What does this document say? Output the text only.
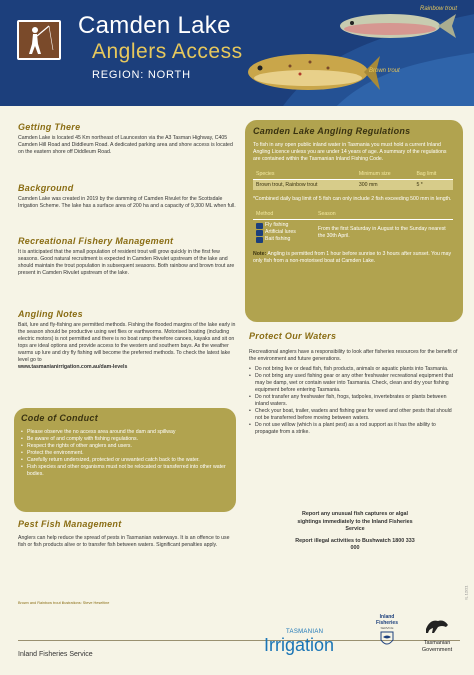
Camden Lake
Anglers Access
REGION: NORTH
Rainbow trout
Brown trout
Getting There

Camden Lake is located 45 Km northeast of Launceston via the A3 Tasman Highway, C405 Camden Hill Road and Diddleum Road. A dedicated parking area and shore access is located on the eastern shore off Diddleum Road.

Background

Camden Lake was created in 2019 by the damming of Camden Rivulet for the Scottsdale Irrigation Scheme. The lake has a surface area of 200 ha and a capacity of 9,300 ML when full.

Recreational Fishery Management

It is anticipated that the small population of resident trout will grow quickly in the first few seasons. Good natural recruitment is expected in Camden Rivulet upstream of the lake and should maintain the trout population in subsequent seasons. Both rainbow and brown trout are present in Camden Rivulet upstream of the lake.

Angling Notes

Bait, lure and fly-fishing are permitted methods. Fishing the flooded margins of the lake early in the season should be productive using wet flies or earthworms. Motorised boating (including electric motors) is not permitted and there is no boat ramp therefore canoes, kayaks and sit on tops are ideal options and provide access to the western and southern bays. As the weather warms up lure and dry fly fishing will become the preferred methods. To check the latest lake level go to

www.tasmanianirrigation.com.au/dam-levels

Code of Conduct
• Please observe the no access area around the dam and spillway
• Be aware of and comply with fishing regulations.
• Respect the rights of other anglers and users.
• Protect the environment.
• Carefully return undersized, protected or unwanted catch back to the water.
• Fish species and other organisms must not be relocated or transferred into other water bodies.
Pest Fish Management

Anglers can help reduce the spread of pests in Tasmanian waterways. It is an offence to use fish or fish products alive or to transfer fish between waters. Significant penalties apply.

Camden Lake Angling Regulations

To fish in any open public inland water in Tasmania you must hold a current Inland Angling Licence unless you are under 14 years of age. A summary of the regulations are contained within the Tasmanian Inland Fishing Code.

Species	Minimum size	Bag limit
Brown trout, Rainbow trout	300 mm	5 *

*Combined daily bag limit of 5 fish can only include 2 fish exceeding 500 mm in length.

Method	Season

Fly fishing
Artificial lures
Bait fishing	From the first Saturday in August to the Sunday nearest the 30th April.

Note: Angling is permitted from 1 hour before sunrise to 3 hours after sunset. You may only fish from a non-motorised boat at Camden Lake.

Protect Our Waters

Recreational anglers have a responsibility to look after fisheries resources for the benefit of the environment and future generations.

• Do not bring live or dead fish, fish products, animals or aquatic plants into Tasmania.
• Do not bring any used fishing gear or any other freshwater recreational equipment that may be damp, wet or contain water into Tasmania. Check, clean and dry your fishing equipment before entering Tasmania.
• Do not transfer any freshwater fish, frogs, tadpoles, invertebrates or plants between inland waters.
• Check your boat, trailer, waders and fishing gear for weed and other pests that should not be transferred before moving between waters.
• Do not use willow (which is a plant pest) as a rod support as it has the ability to propagate from a strike.
Report any unusual fish captures or algal sightings immediately to the Inland Fisheries Service
Report illegal activities to Bushwatch 1800 333 000
Brown and Rainbow trout illustrations: Steve Heseltine
IL 12/21
Inland Fisheries Service
TASMANIAN
Irrigation
Inland Fisheries
SERVICE
Tasmanian Government
